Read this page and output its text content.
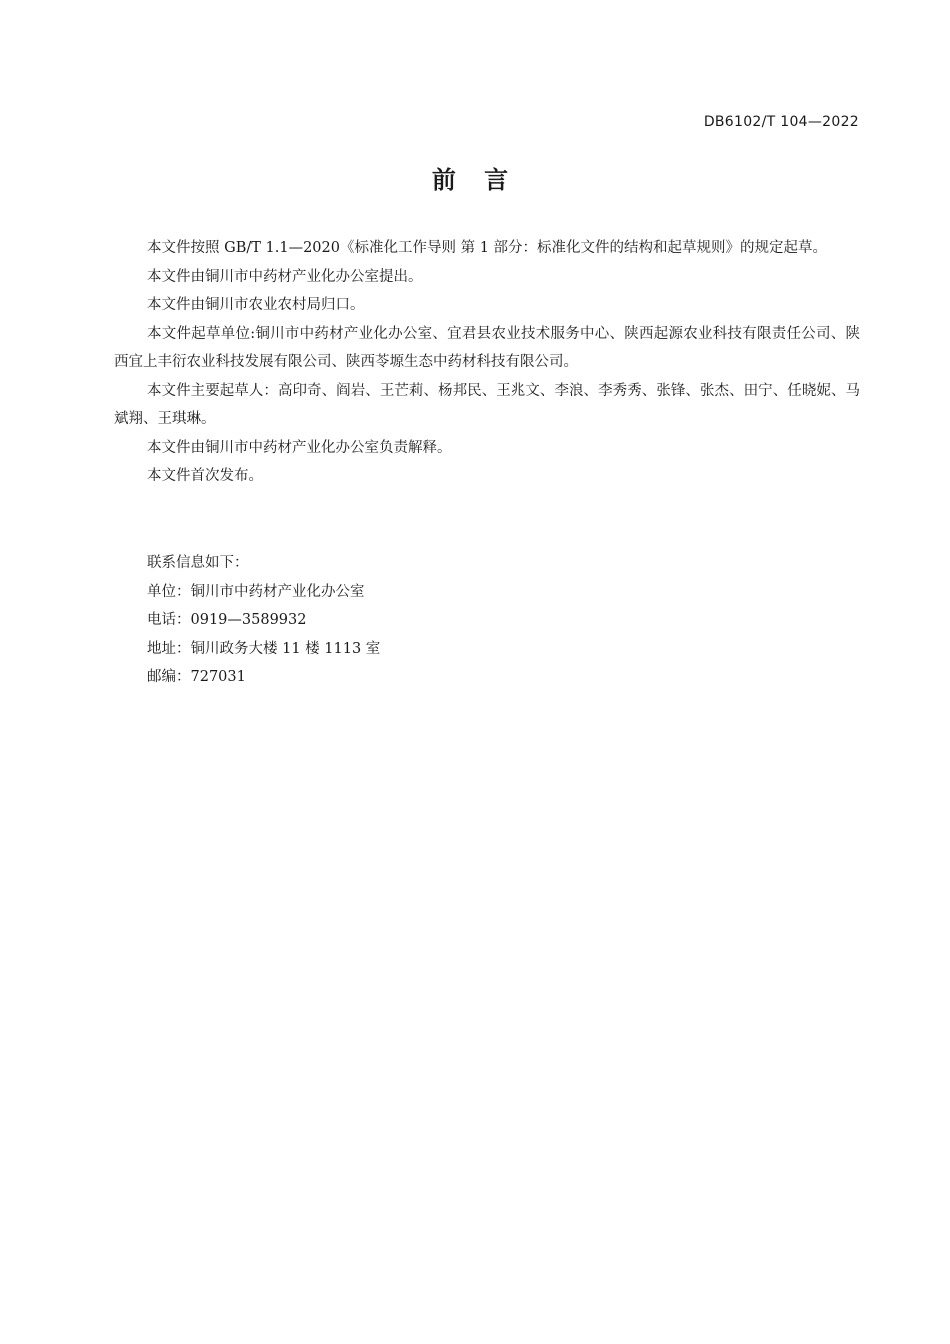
DB6102/T 104—2022
前 言

本文件按照 GB/T 1.1—2020《标准化工作导则 第 1 部分：标准化文件的结构和起草规则》的规定起草。

本文件由铜川市中药材产业化办公室提出。

本文件由铜川市农业农村局归口。

本文件起草单位:铜川市中药材产业化办公室、宜君县农业技术服务中心、陕西起源农业科技有限责任公司、陕西宜上丰衍农业科技发展有限公司、陕西苓塬生态中药材科技有限公司。

本文件主要起草人：高印奇、阎岩、王芒莉、杨邦民、王兆文、李浪、李秀秀、张锋、张杰、田宁、任晓妮、马斌翔、王琪琳。

本文件由铜川市中药材产业化办公室负责解释。

本文件首次发布。

联系信息如下：

单位：铜川市中药材产业化办公室

电话：0919—3589932

地址：铜川政务大楼 11 楼 1113 室

邮编：727031
